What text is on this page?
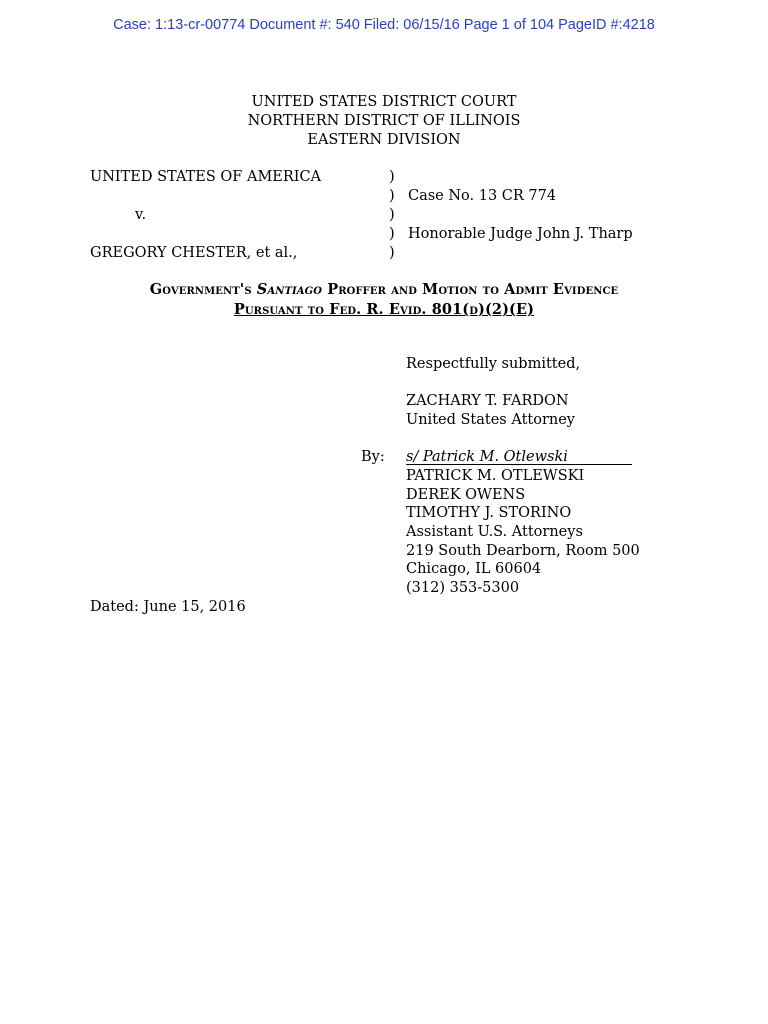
Case: 1:13-cr-00774 Document #: 540 Filed: 06/15/16 Page 1 of 104 PageID #:4218
UNITED STATES DISTRICT COURT
NORTHERN DISTRICT OF ILLINOIS
EASTERN DIVISION
UNITED STATES OF AMERICA
v.
GREGORY CHESTER, et al.,
)
)
)
)
)
Case No. 13 CR 774
Honorable Judge John J. Tharp
Government's Santiago Proffer and Motion to Admit Evidence
Pursuant to Fed. R. Evid. 801(d)(2)(E)
Respectfully submitted,
ZACHARY T. FARDON
United States Attorney
By: s/ Patrick M. Otlewski
PATRICK M. OTLEWSKI
DEREK OWENS
TIMOTHY J. STORINO
Assistant U.S. Attorneys
219 South Dearborn, Room 500
Chicago, IL 60604
(312) 353-5300
Dated: June 15, 2016
